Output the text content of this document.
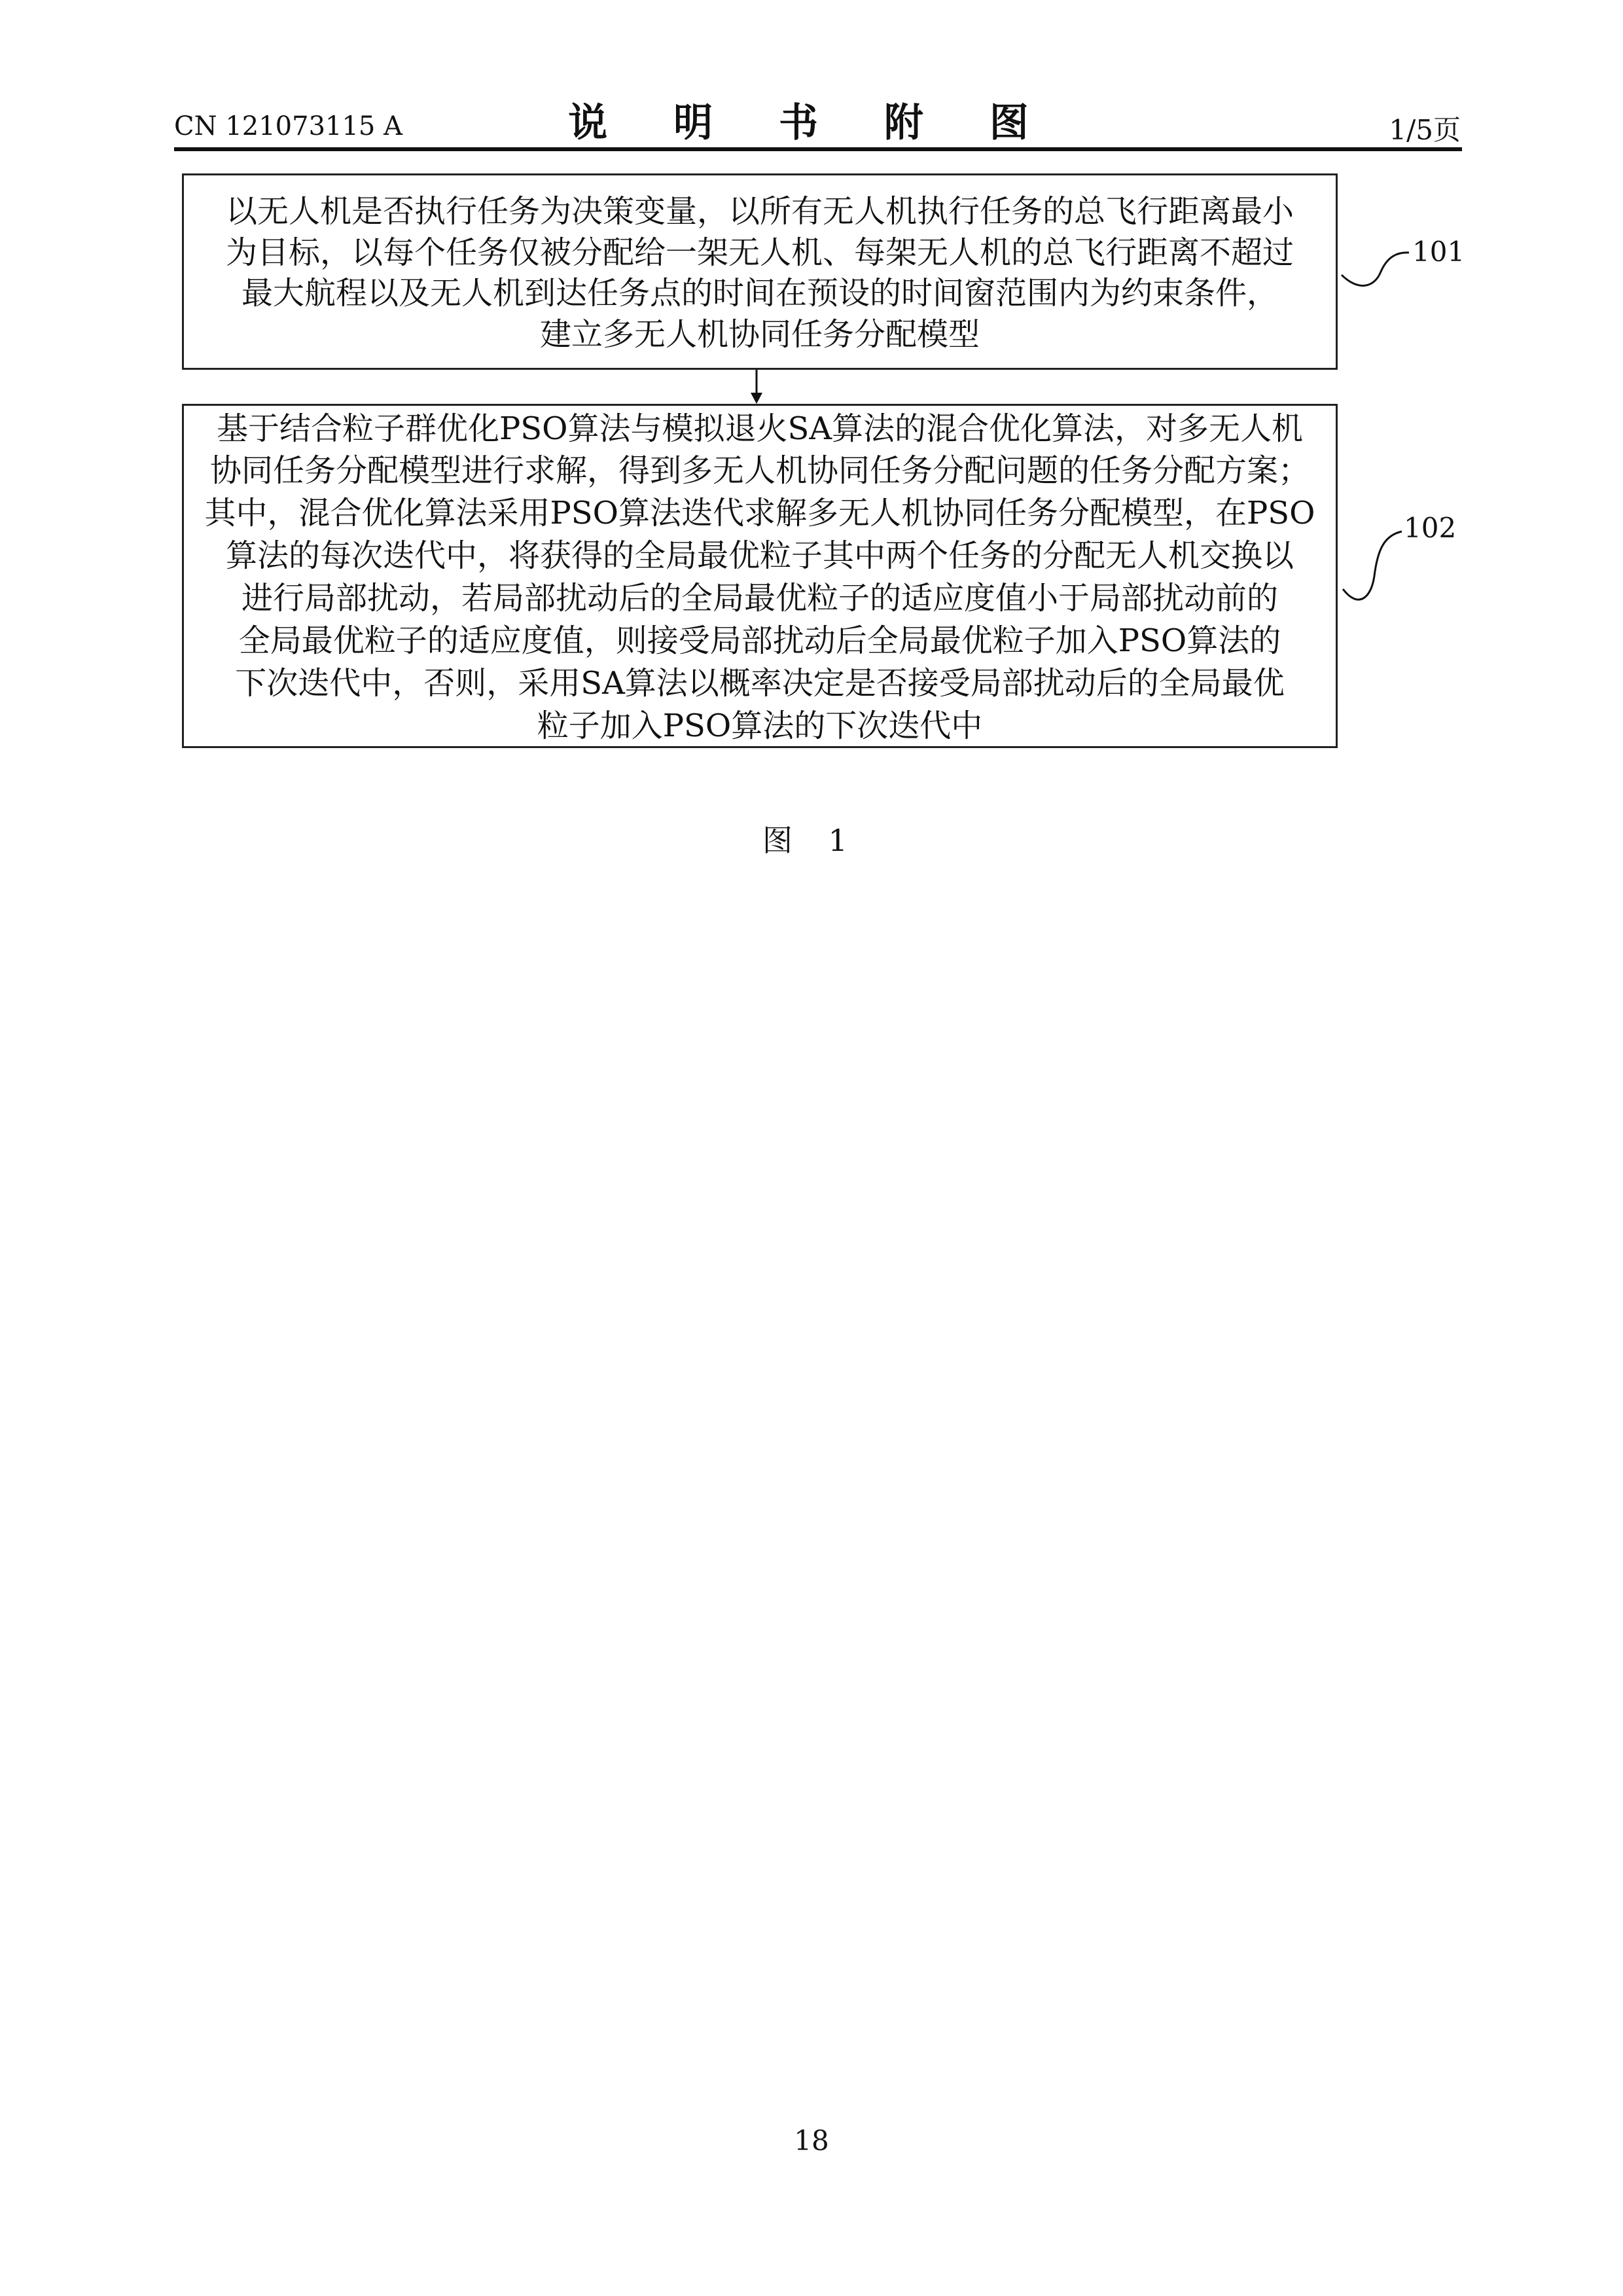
CN 121073115 A	说 明 书 附 图	1/5页
以无人机是否执行任务为决策变量，以所有无人机执行任务的总飞行距离最小
为目标，以每个任务仅被分配给一架无人机、每架无人机的总飞行距离不超过
最大航程以及无人机到达任务点的时间在预设的时间窗范围内为约束条件，
建立多无人机协同任务分配模型
基于结合粒子群优化PSO算法与模拟退火SA算法的混合优化算法，对多无人机
协同任务分配模型进行求解，得到多无人机协同任务分配问题的任务分配方案；
其中，混合优化算法采用PSO算法迭代求解多无人机协同任务分配模型，在PSO
算法的每次迭代中，将获得的全局最优粒子其中两个任务的分配无人机交换以
进行局部扰动，若局部扰动后的全局最优粒子的适应度值小于局部扰动前的
全局最优粒子的适应度值，则接受局部扰动后全局最优粒子加入PSO算法的
下次迭代中，否则，采用SA算法以概率决定是否接受局部扰动后的全局最优
粒子加入PSO算法的下次迭代中
101
102
图 1
18
